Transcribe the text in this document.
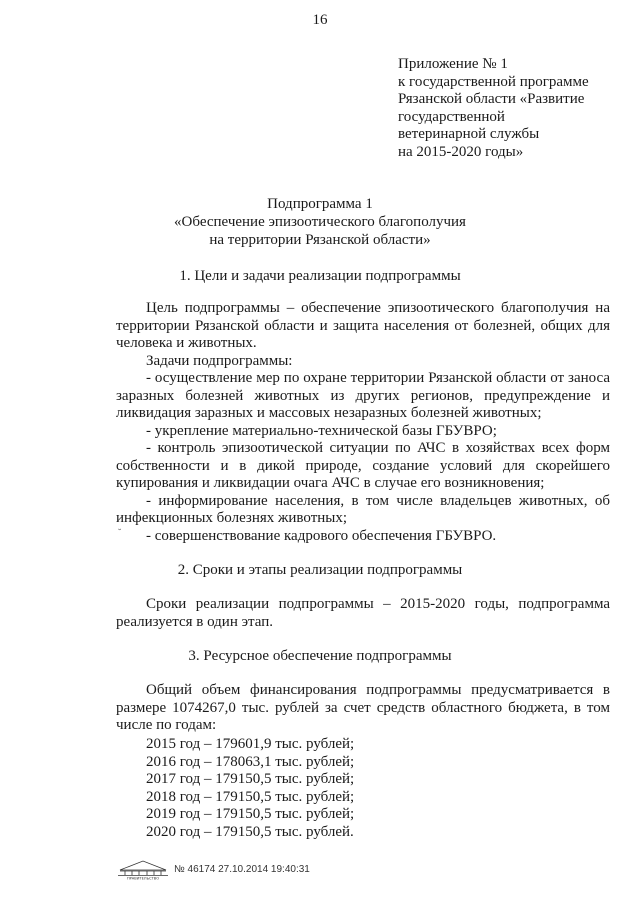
16
Приложение № 1
к государственной программе
Рязанской области «Развитие
государственной
ветеринарной службы
на 2015-2020 годы»
Подпрограмма 1
«Обеспечение эпизоотического благополучия
на территории Рязанской области»
1. Цели и задачи реализации подпрограммы
Цель подпрограммы – обеспечение эпизоотического благополучия на территории Рязанской области и защита населения от болезней, общих для человека и животных.
Задачи подпрограммы:
- осуществление мер по охране территории Рязанской области от заноса заразных болезней животных из других регионов, предупреждение и ликвидация заразных и массовых незаразных болезней животных;
- укрепление материально-технической базы ГБУВРО;
- контроль эпизоотической ситуации по АЧС в хозяйствах всех форм собственности и в дикой природе, создание условий для скорейшего купирования и ликвидации очага АЧС в случае его возникновения;
- информирование населения, в том числе владельцев животных, об инфекционных болезнях животных;
- совершенствование кадрового обеспечения ГБУВРО.
˘
2. Сроки и этапы реализации подпрограммы
Сроки реализации подпрограммы – 2015-2020 годы, подпрограмма реализуется в один этап.
3. Ресурсное обеспечение подпрограммы
Общий объем финансирования подпрограммы предусматривается в размере 1074267,0 тыс. рублей за счет средств областного бюджета, в том числе по годам:
2015 год – 179601,9 тыс. рублей;
2016 год – 178063,1 тыс. рублей;
2017 год – 179150,5 тыс. рублей;
2018 год – 179150,5 тыс. рублей;
2019 год – 179150,5 тыс. рублей;
2020 год – 179150,5 тыс. рублей.
ПРАВИТЕЛЬСТВО
№ 46174 27.10.2014 19:40:31
